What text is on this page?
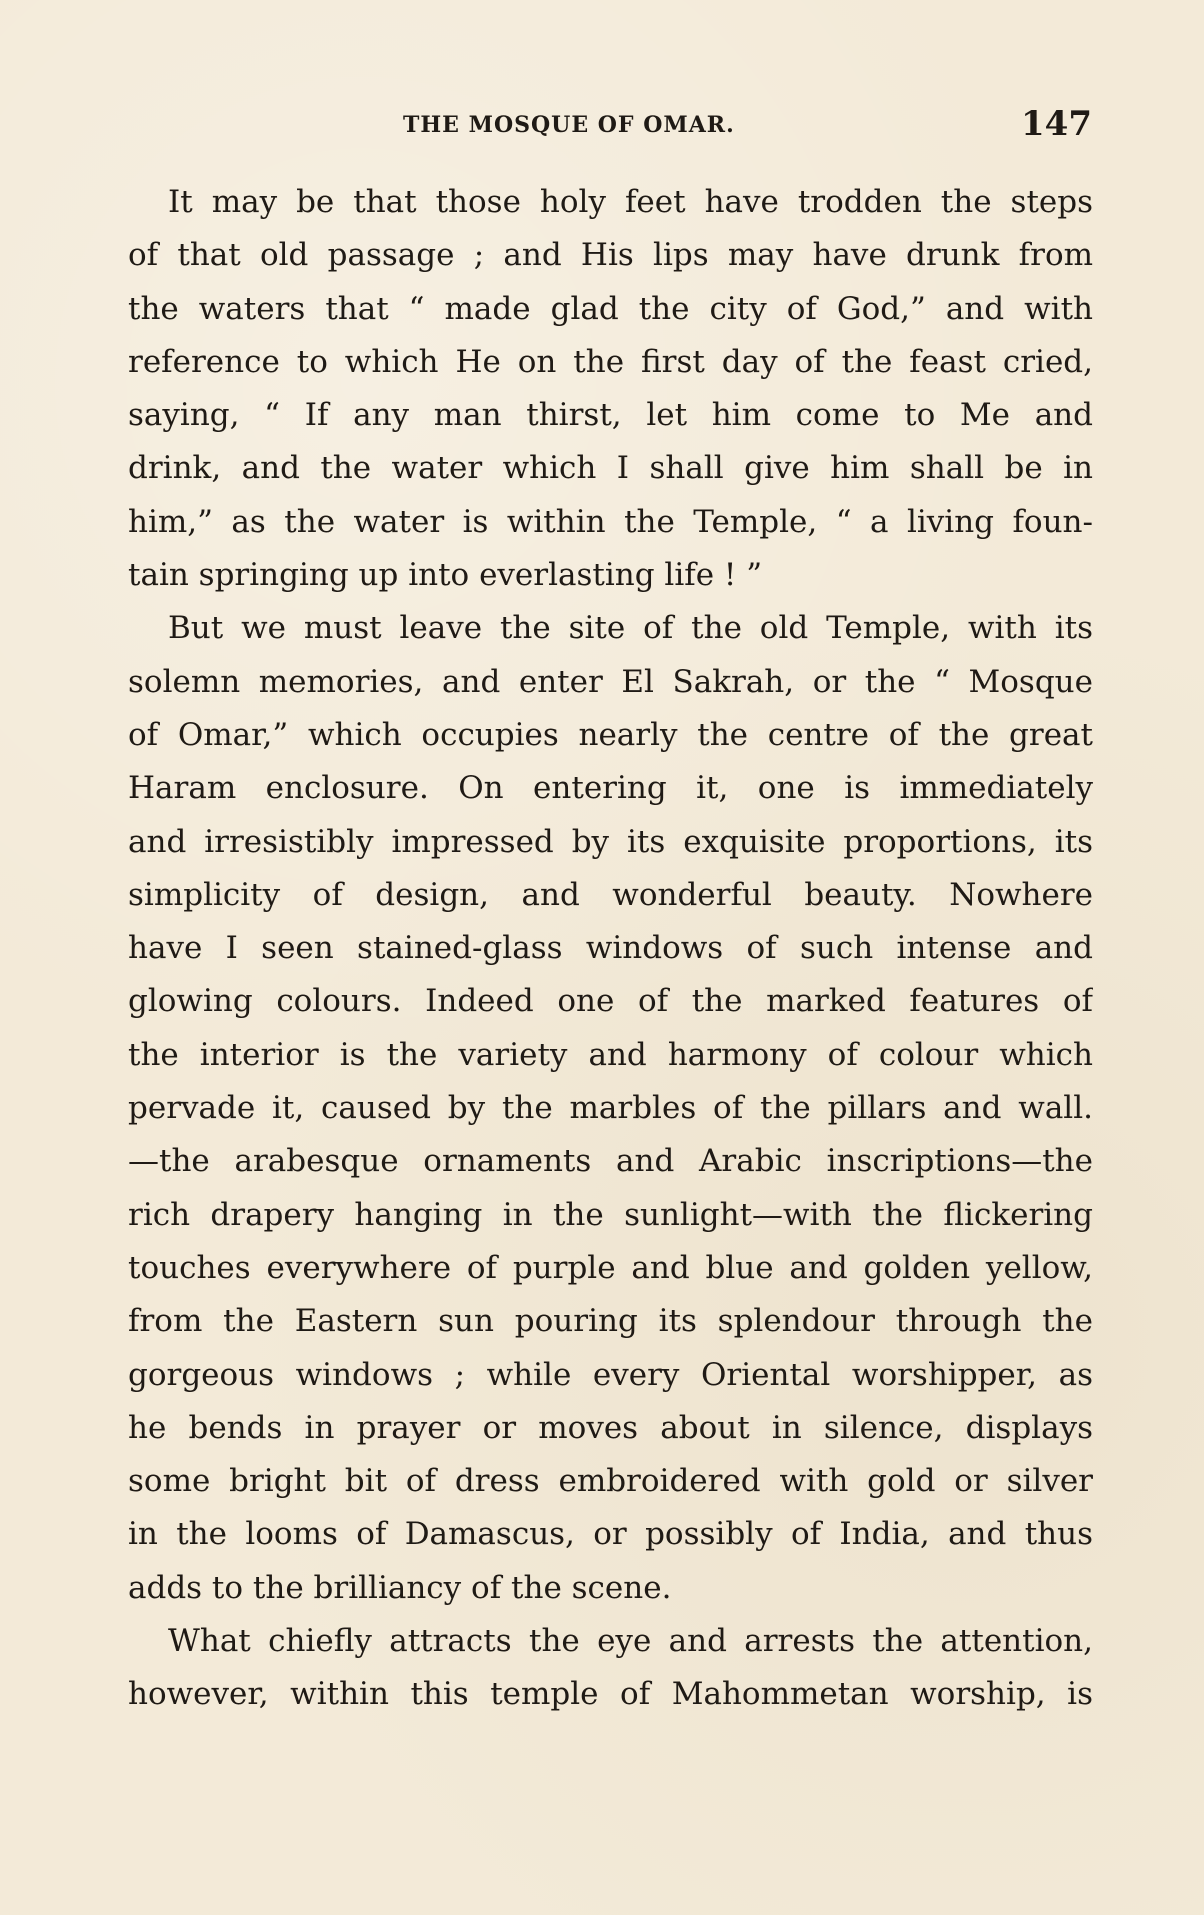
THE MOSQUE OF OMAR.	147
It may be that those holy feet have trodden the steps
of that old passage ; and His lips may have drunk from
the waters that “ made glad the city of God,” and with
reference to which He on the first day of the feast cried,
saying, “ If any man thirst, let him come to Me and
drink, and the water which I shall give him shall be in
him,” as the water is within the Temple, “ a living foun-
tain springing up into everlasting life ! ”
But we must leave the site of the old Temple, with its
solemn memories, and enter El Sakrah, or the “ Mosque
of Omar,” which occupies nearly the centre of the great
Haram enclosure. On entering it, one is immediately
and irresistibly impressed by its exquisite proportions, its
simplicity of design, and wonderful beauty. Nowhere
have I seen stained-glass windows of such intense and
glowing colours. Indeed one of the marked features of
the interior is the variety and harmony of colour which
pervade it, caused by the marbles of the pillars and wall.
—the arabesque ornaments and Arabic inscriptions—the
rich drapery hanging in the sunlight—with the flickering
touches everywhere of purple and blue and golden yellow,
from the Eastern sun pouring its splendour through the
gorgeous windows ; while every Oriental worshipper, as
he bends in prayer or moves about in silence, displays
some bright bit of dress embroidered with gold or silver
in the looms of Damascus, or possibly of India, and thus
adds to the brilliancy of the scene.
What chiefly attracts the eye and arrests the attention,
however, within this temple of Mahommetan worship, is
